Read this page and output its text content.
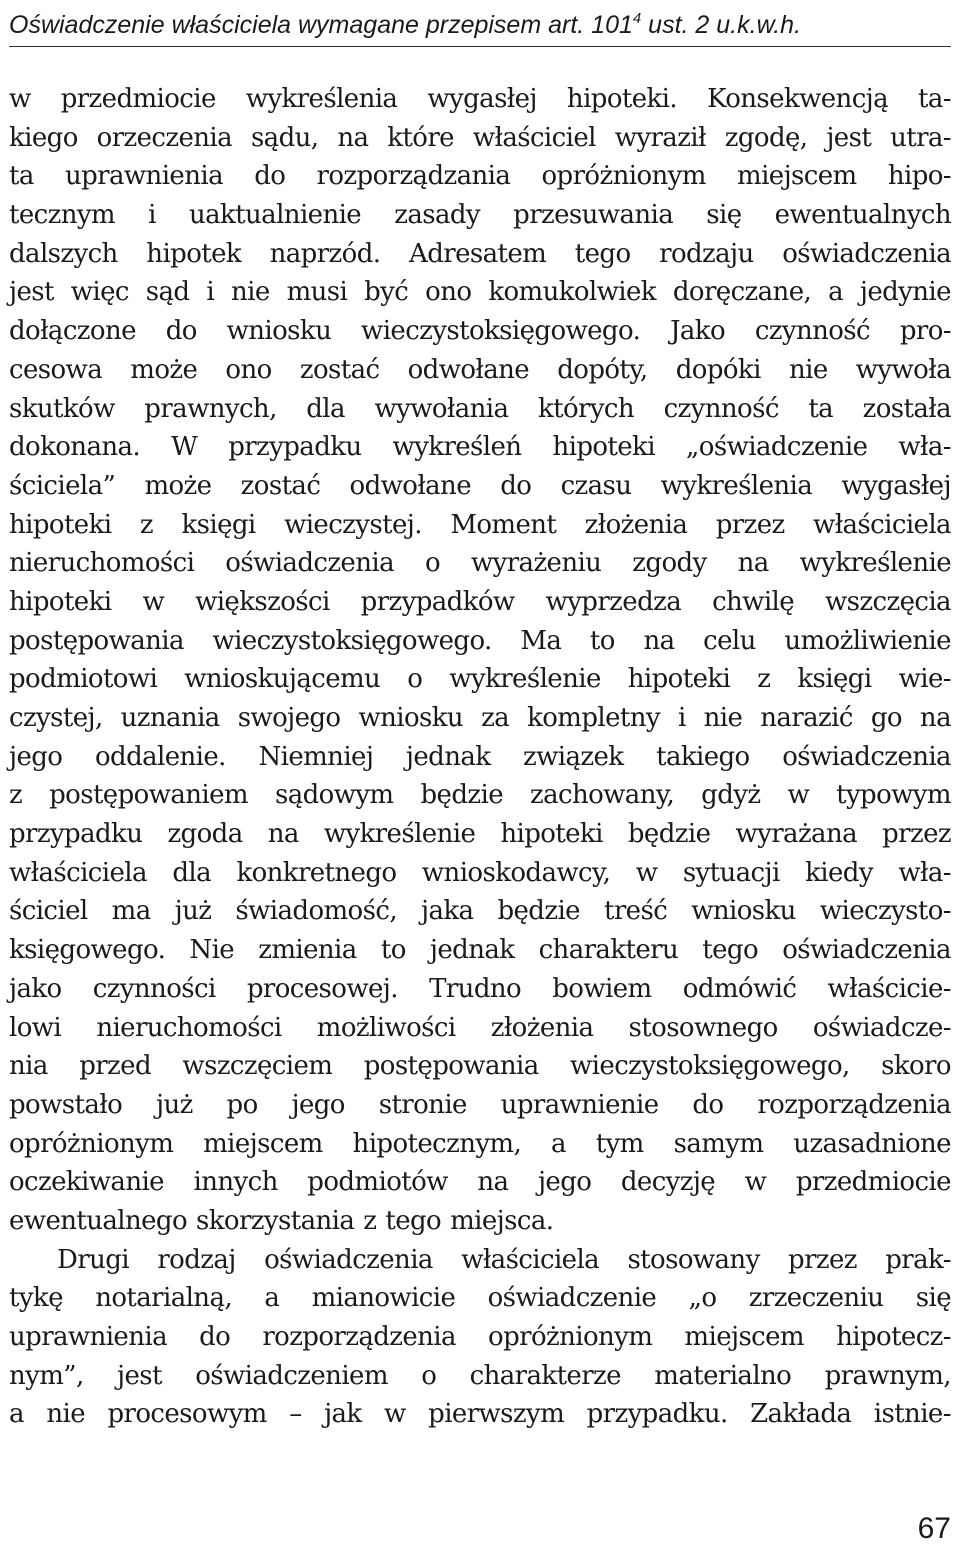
Oświadczenie właściciela wymagane przepisem art. $101^4$ ust. 2 u.k.w.h.
w przedmiocie wykreślenia wygasłej hipoteki. Konsekwencją ta-
kiego orzeczenia sądu, na które właściciel wyraził zgodę, jest utra-
ta uprawnienia do rozporządzania opróżnionym miejscem hipo-
tecznym i uaktualnienie zasady przesuwania się ewentualnych
dalszych hipotek naprzód. Adresatem tego rodzaju oświadczenia
jest więc sąd i nie musi być ono komukolwiek doręczane, a jedynie
dołączone do wniosku wieczystoksięgowego. Jako czynność pro-
cesowa może ono zostać odwołane dopóty, dopóki nie wywoła
skutków prawnych, dla wywołania których czynność ta została
dokonana. W przypadku wykreśleń hipoteki „oświadczenie wła-
ściciela” może zostać odwołane do czasu wykreślenia wygasłej
hipoteki z księgi wieczystej. Moment złożenia przez właściciela
nieruchomości oświadczenia o wyrażeniu zgody na wykreślenie
hipoteki w większości przypadków wyprzedza chwilę wszczęcia
postępowania wieczystoksięgowego. Ma to na celu umożliwienie
podmiotowi wnioskującemu o wykreślenie hipoteki z księgi wie-
czystej, uznania swojego wniosku za kompletny i nie narazić go na
jego oddalenie. Niemniej jednak związek takiego oświadczenia
z postępowaniem sądowym będzie zachowany, gdyż w typowym
przypadku zgoda na wykreślenie hipoteki będzie wyrażana przez
właściciela dla konkretnego wnioskodawcy, w sytuacji kiedy wła-
ściciel ma już świadomość, jaka będzie treść wniosku wieczysto-
księgowego. Nie zmienia to jednak charakteru tego oświadczenia
jako czynności procesowej. Trudno bowiem odmówić właścicie-
lowi nieruchomości możliwości złożenia stosownego oświadcze-
nia przed wszczęciem postępowania wieczystoksięgowego, skoro
powstało już po jego stronie uprawnienie do rozporządzenia
opróżnionym miejscem hipotecznym, a tym samym uzasadnione
oczekiwanie innych podmiotów na jego decyzję w przedmiocie
ewentualnego skorzystania z tego miejsca.
Drugi rodzaj oświadczenia właściciela stosowany przez prak-
tykę notarialną, a mianowicie oświadczenie „o zrzeczeniu się
uprawnienia do rozporządzenia opróżnionym miejscem hipotecz-
nym”, jest oświadczeniem o charakterze materialno prawnym,
a nie procesowym – jak w pierwszym przypadku. Zakłada istnie-
67
